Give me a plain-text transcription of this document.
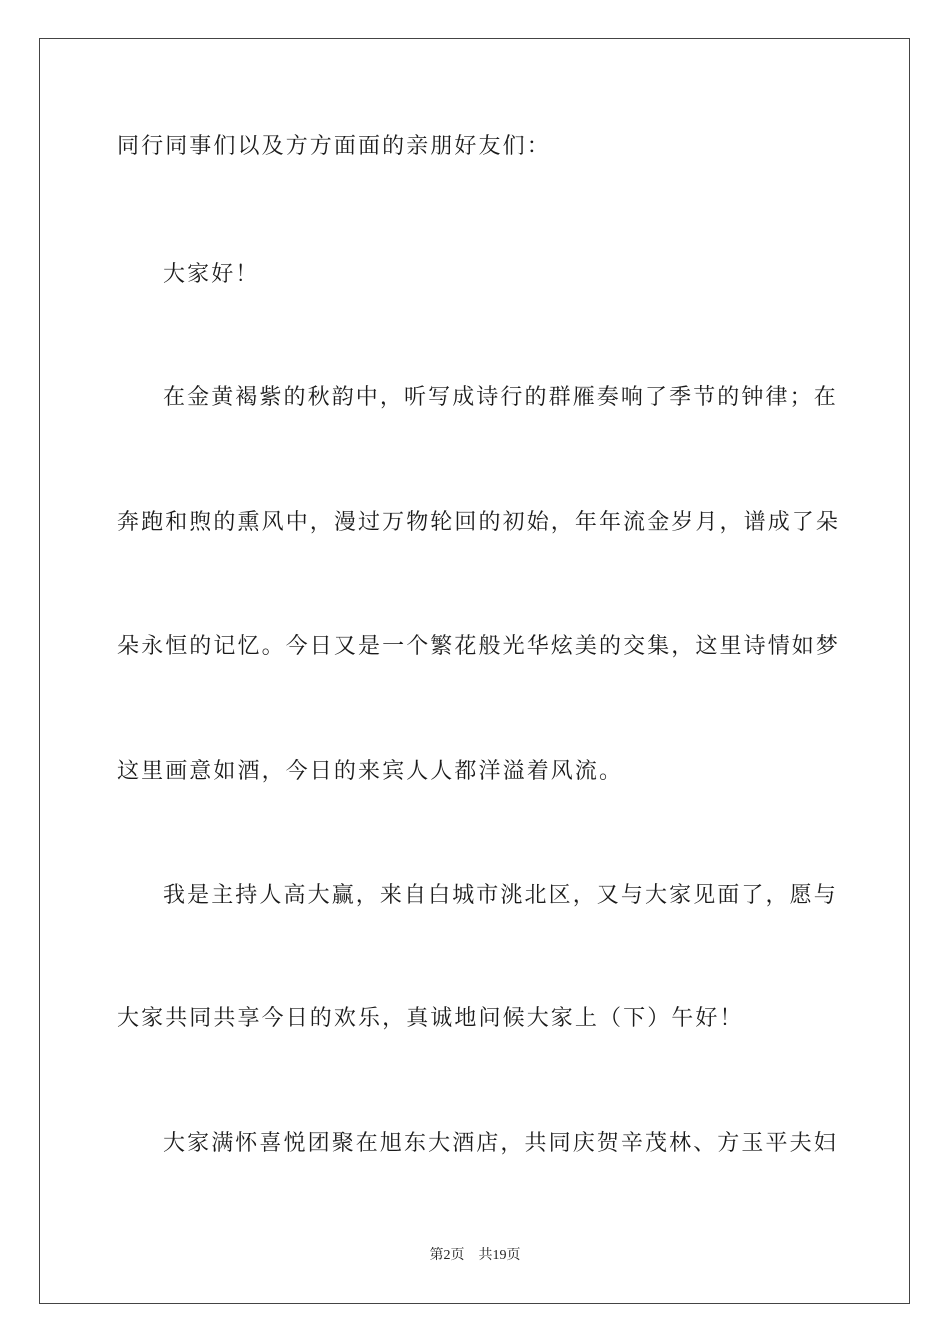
同行同事们以及方方面面的亲朋好友们：
大家好！
在金黄褐紫的秋韵中，听写成诗行的群雁奏响了季节的钟律；在
奔跑和煦的熏风中，漫过万物轮回的初始，年年流金岁月，谱成了朵
朵永恒的记忆。今日又是一个繁花般光华炫美的交集，这里诗情如梦
这里画意如酒，今日的来宾人人都洋溢着风流。
我是主持人高大赢，来自白城市洮北区，又与大家见面了，愿与
大家共同共享今日的欢乐，真诚地问候大家上（下）午好！
大家满怀喜悦团聚在旭东大酒店，共同庆贺辛茂林、方玉平夫妇
第2页 共19页
